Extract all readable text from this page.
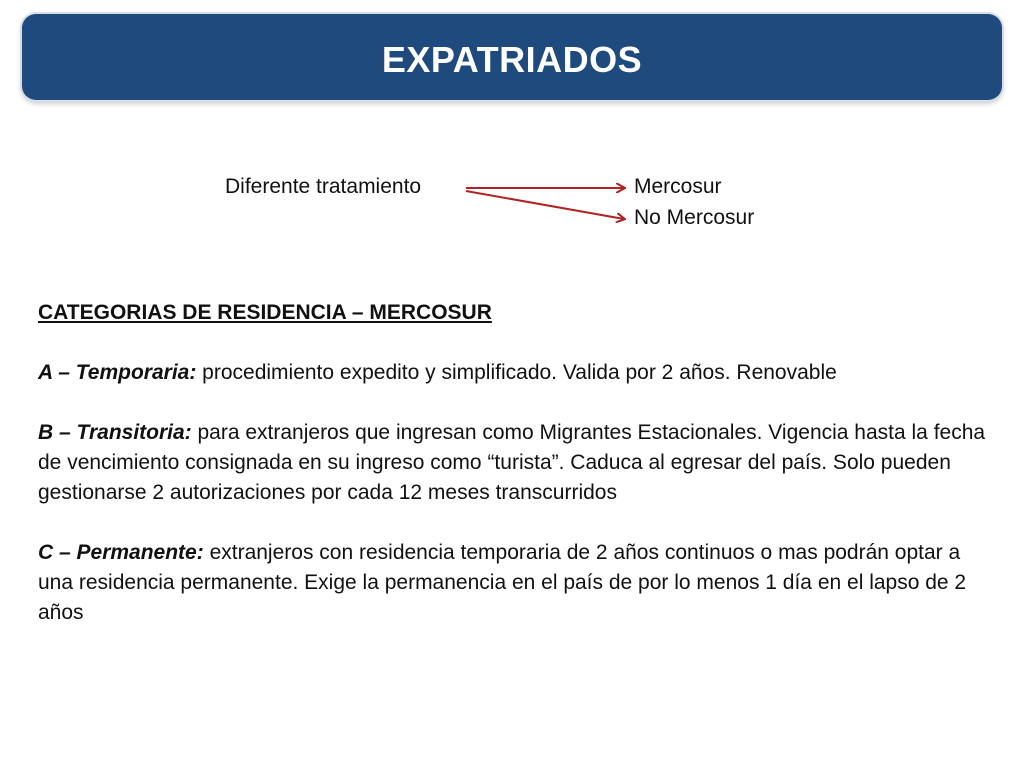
EXPATRIADOS
Diferente tratamiento	Mercosur
No Mercosur
CATEGORIAS DE RESIDENCIA – MERCOSUR

A – Temporaria: procedimiento expedito y simplificado. Valida por 2 años. Renovable

B – Transitoria: para extranjeros que ingresan como Migrantes Estacionales. Vigencia hasta la fecha de vencimiento consignada en su ingreso como “turista”. Caduca al egresar del país. Solo pueden gestionarse 2 autorizaciones por cada 12 meses transcurridos

C – Permanente: extranjeros con residencia temporaria de 2 años continuos o mas podrán optar a una residencia permanente. Exige la permanencia en el país de por lo menos 1 día en el lapso de 2 años
